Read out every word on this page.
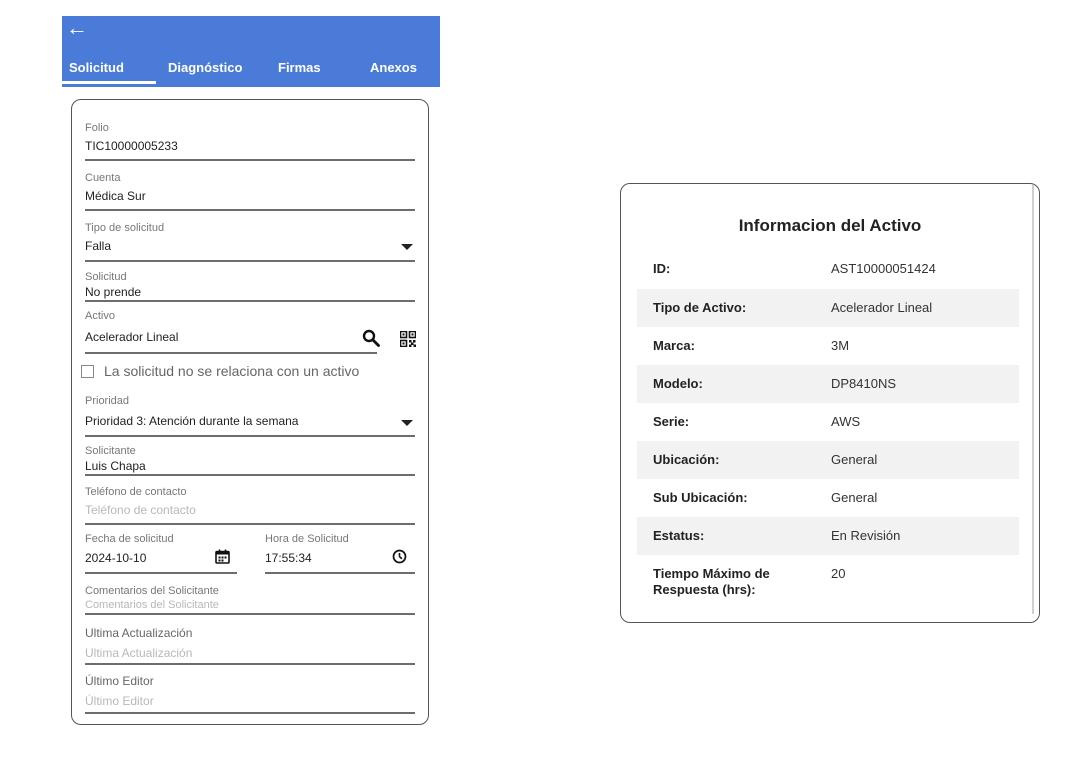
←
Solicitud	Diagnóstico	Firmas	Anexos
Folio
TIC10000005233
Cuenta
Médica Sur
Tipo de solicitud
Falla
Solicitud
No prende
Activo
Acelerador Lineal
La solicitud no se relaciona con un activo
Prioridad
Prioridad 3: Atención durante la semana
Solicitante
Luis Chapa
Teléfono de contacto
Teléfono de contacto
Fecha de solicitud
2024-10-10
Hora de Solicitud
17:55:34
Comentarios del Solicitante
Comentarios del Solicitante
Ultima Actualización
Ultima Actualización
Último Editor
Último Editor
Informacion del Activo
ID:	AST10000051424
Tipo de Activo:	Acelerador Lineal
Marca:	3M
Modelo:	DP8410NS
Serie:	AWS
Ubicación:	General
Sub Ubicación:	General
Estatus:	En Revisión
Tiempo Máximo de
Respuesta (hrs):
20
